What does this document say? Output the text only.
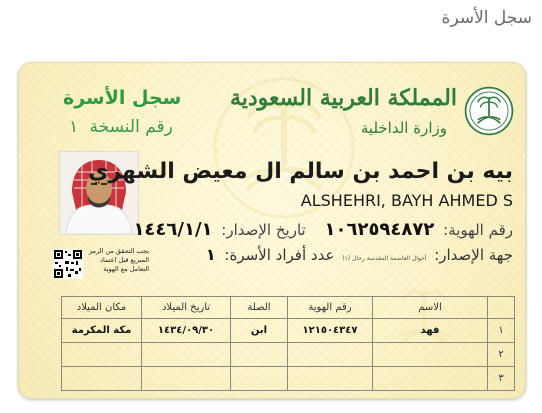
سجل الأسرة
المملكة العربية السعودية
وزارة الداخلية
سجل الأسرة
رقم النسخة ١
بيه بن احمد بن سالم ال معيض الشهري
ALSHEHRI, BAYH AHMED S
رقم الهوية: ١٠٦٢٥٩٤٨٧٢ تاريخ الإصدار: ١٤٤٦/١/١
جهة الإصدار: أحوال العاصمة المقدسة رجال (١) عدد أفراد الأسرة: ١
يجب التحقق من الرمز السريع قبل اعتماد التعامل مع الهوية
	الاسم	رقم الهوية	الصلة	تاريخ الميلاد	مكان الميلاد
١	فهد	١٢١٥٠٤٣٤٧	ابن	١٤٣٤/٠٩/٣٠	مكة المكرمة
٢					
٣					
